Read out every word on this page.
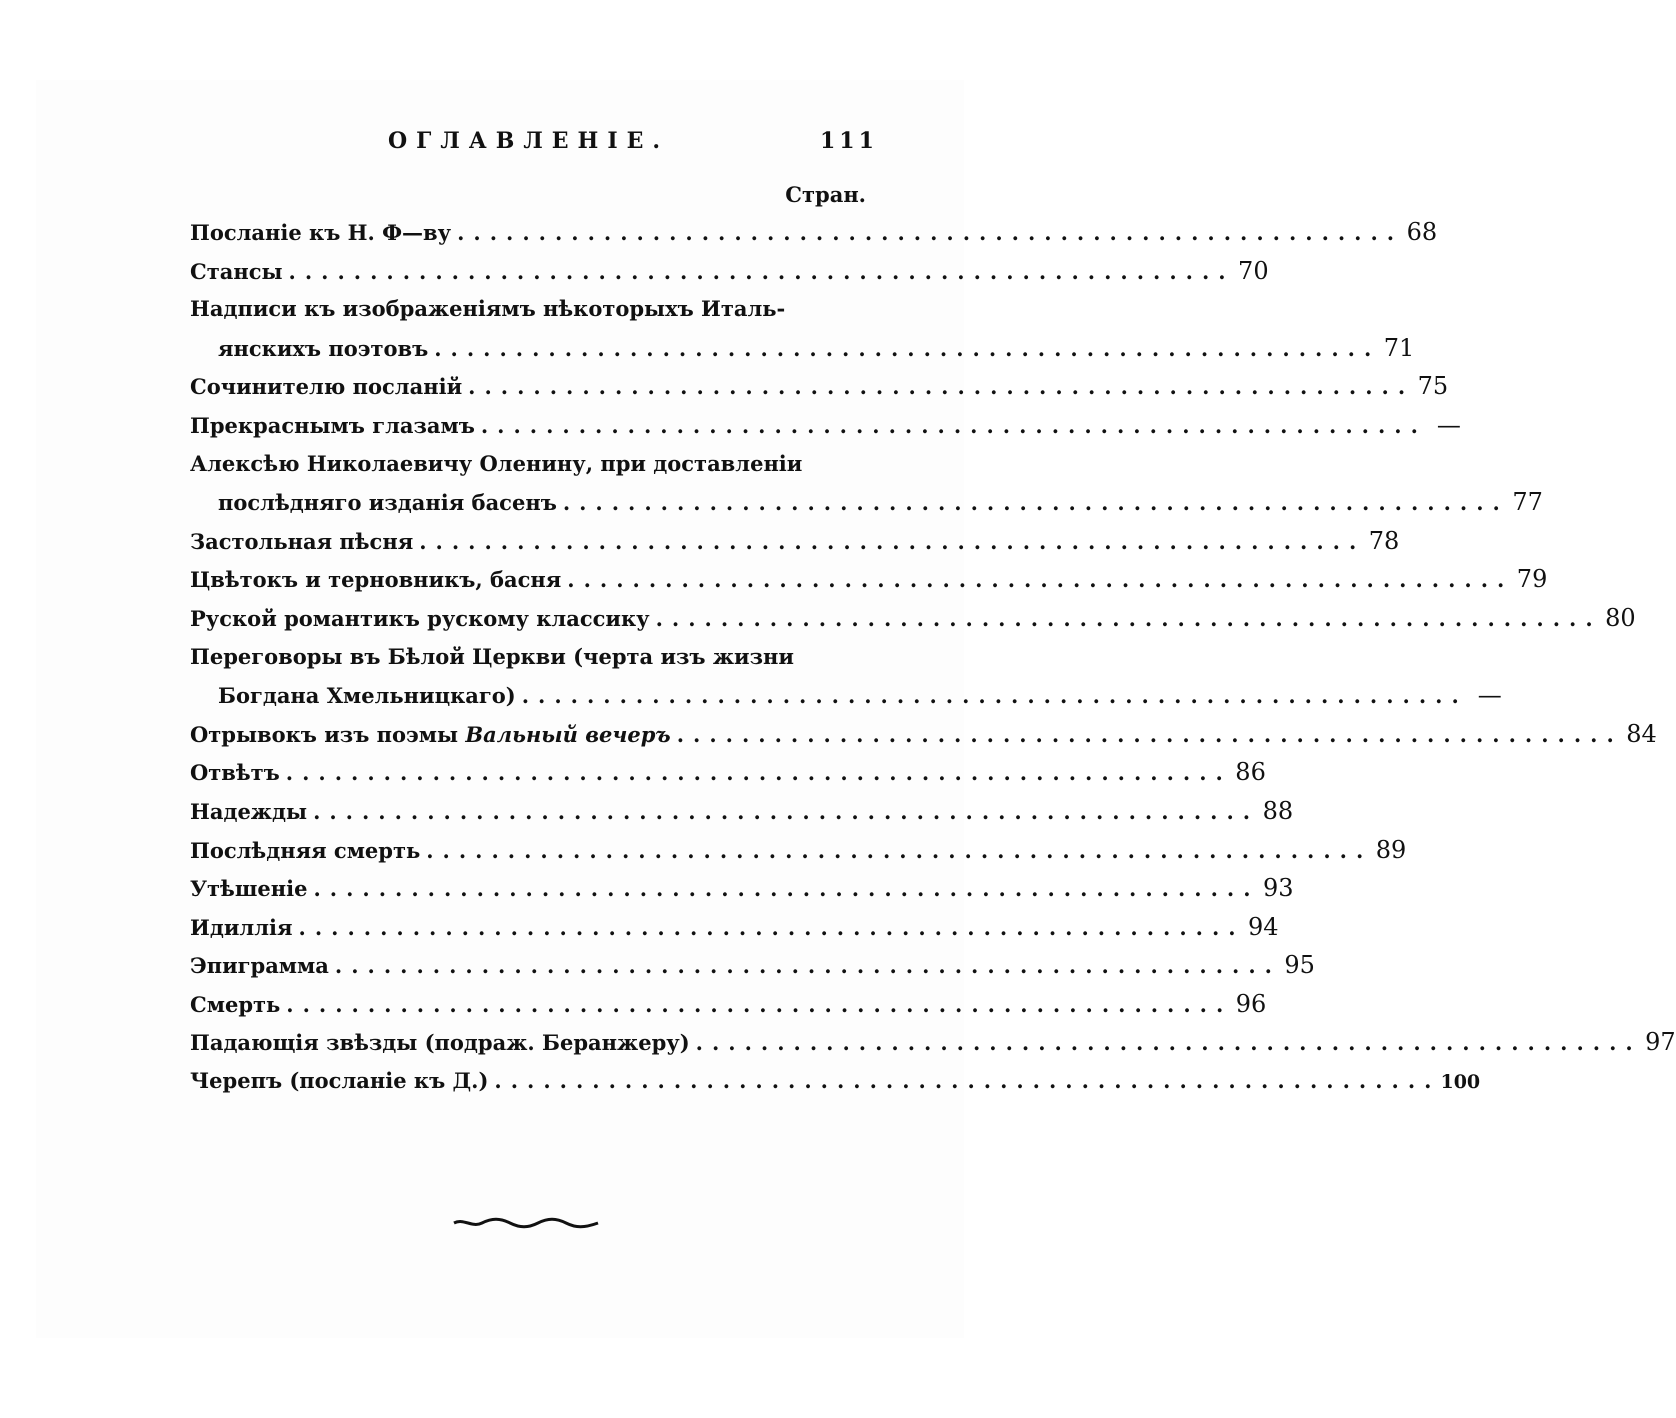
ОГЛАВЛЕНІЕ.	111
Стран.
Посланіе къ Н. Ф—ву .......................................................... 68
Стансы .......................................................... 70
Надписи къ изображеніямъ нѣкоторыхъ Италь-
янскихъ поэтовъ .......................................................... 71
Сочинителю посланій .......................................................... 75
Прекраснымъ глазамъ .......................................................... —
Алексѣю Николаевичу Оленину, при доставленіи
послѣдняго изданія басенъ .......................................................... 77
Застольная пѣсня .......................................................... 78
Цвѣтокъ и терновникъ, басня .......................................................... 79
Руской романтикъ рускому классику .......................................................... 80
Переговоры въ Бѣлой Церкви (черта изъ жизни
Богдана Хмельницкаго) .......................................................... —
Отрывокъ изъ поэмы Вальный вечеръ .......................................................... 84
Отвѣтъ .......................................................... 86
Надежды .......................................................... 88
Послѣдняя смерть .......................................................... 89
Утѣшеніе .......................................................... 93
Идиллія .......................................................... 94
Эпиграмма .......................................................... 95
Смерть .......................................................... 96
Падающія звѣзды (подраж. Беранжеру) .......................................................... 97
Черепъ (посланіе къ Д.) .......................................................... 100
